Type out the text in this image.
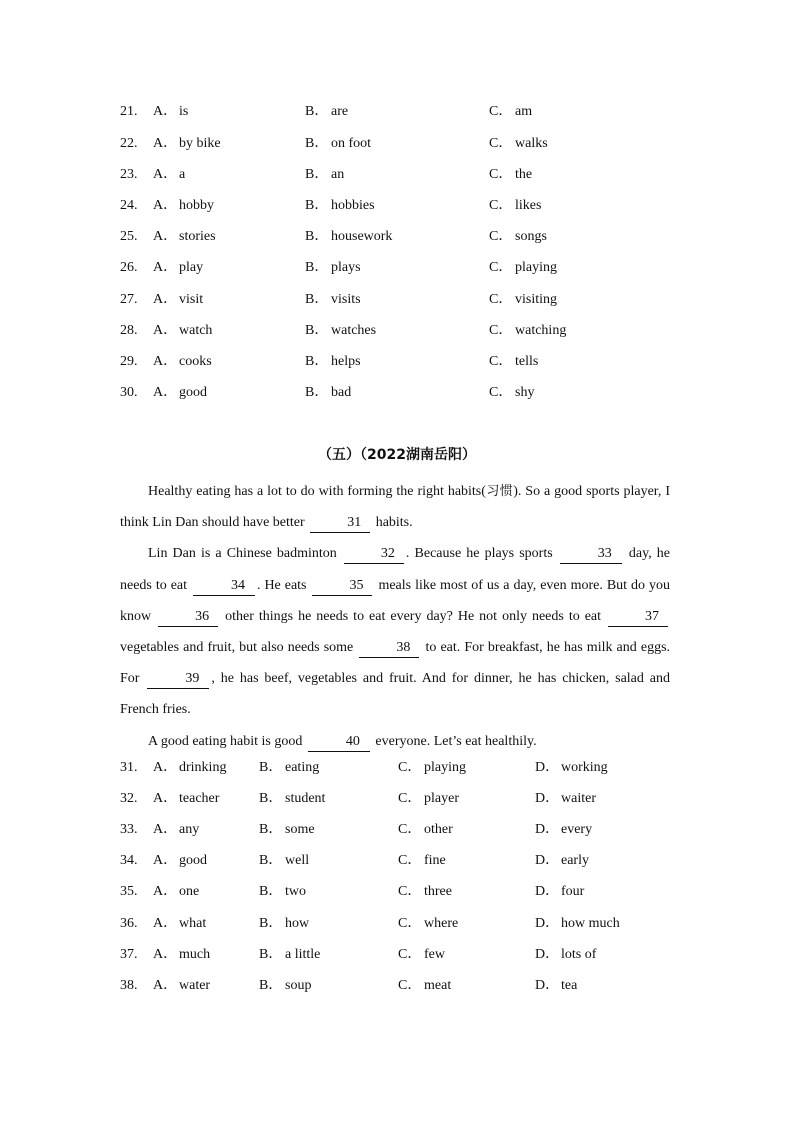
21. A． is	B． are	C． am
22. A． by bike	B． on foot	C． walks
23. A． a	B． an	C． the
24. A． hobby	B． hobbies	C． likes
25. A． stories	B． housework	C． songs
26. A． play	B． plays	C． playing
27. A． visit	B． visits	C． visiting
28. A． watch	B． watches	C． watching
29. A． cooks	B． helps	C． tells
30. A． good	B． bad	C． shy
（五）（2022湖南岳阳）

Healthy eating has a lot to do with forming the right habits(习惯). So a good sports player, I think Lin Dan should have better	31 habits.

Lin Dan is a Chinese badminton	32 . Because he plays sports	33 day, he needs to eat	34 . He eats	35 meals like most of us a day, even more. But do you know	36 other things he needs to eat every day? He not only needs to eat	37 vegetables and fruit, but also needs some	38 to eat. For breakfast, he has milk and eggs. For	39 , he has beef, vegetables and fruit. And for dinner, he has chicken, salad and French fries.

A good eating habit is good	40 everyone. Let’s eat healthily.

31. A． drinking B． eating	C． playing	D． working
32. A． teacher	B． student	C． player	D． waiter
33. A． any	B． some	C． other	D． every
34. A． good	B． well	C． fine	D． early
35. A． one	B． two	C． three	D． four
36. A． what	B． how	C． where	D． how much
37. A． much	B． a little	C． few	D． lots of
38. A． water	B． soup	C． meat	D． tea
